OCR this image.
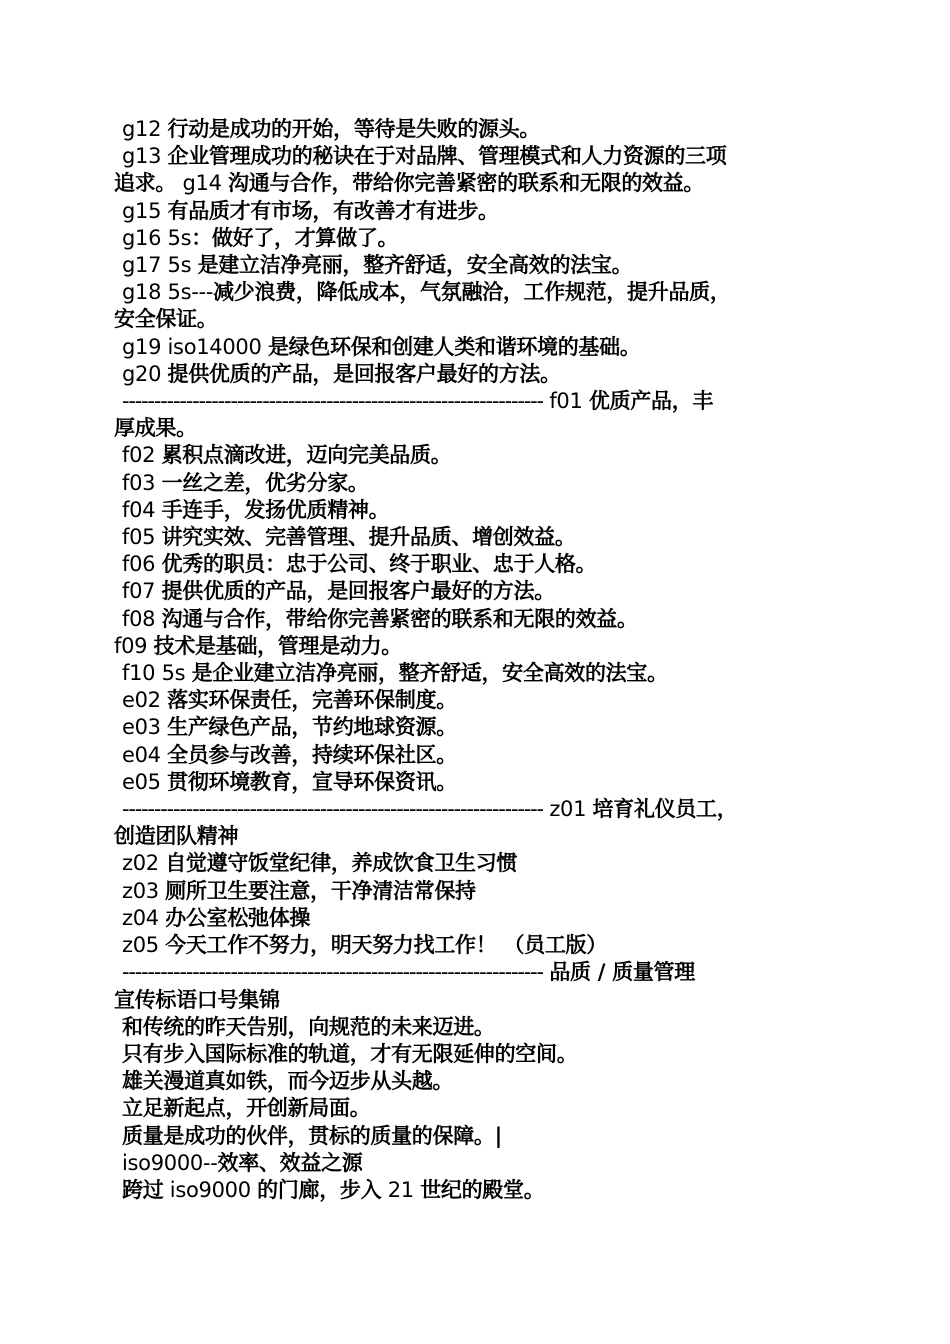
g12 行动是成功的开始，等待是失败的源头。
g13 企业管理成功的秘诀在于对品牌、管理模式和人力资源的三项
追求。 g14 沟通与合作，带给你完善紧密的联系和无限的效益。
g15 有品质才有市场，有改善才有进步。
g16 5s：做好了，才算做了。
g17 5s 是建立洁净亮丽，整齐舒适，安全高效的法宝。
g18 5s---减少浪费，降低成本，气氛融洽，工作规范，提升品质，
安全保证。
g19 iso14000 是绿色环保和创建人类和谐环境的基础。
g20 提供优质的产品，是回报客户最好的方法。
------------------------------------------------------------------ f01 优质产品，丰
厚成果。
f02 累积点滴改进，迈向完美品质。
f03 一丝之差，优劣分家。
f04 手连手，发扬优质精神。
f05 讲究实效、完善管理、提升品质、增创效益。
f06 优秀的职员：忠于公司、终于职业、忠于人格。
f07 提供优质的产品，是回报客户最好的方法。
f08 沟通与合作，带给你完善紧密的联系和无限的效益。
f09 技术是基础，管理是动力。
f10 5s 是企业建立洁净亮丽，整齐舒适，安全高效的法宝。
e02 落实环保责任，完善环保制度。
e03 生产绿色产品，节约地球资源。
e04 全员参与改善，持续环保社区。
e05 贯彻环境教育，宣导环保资讯。
------------------------------------------------------------------ z01 培育礼仪员工，
创造团队精神
z02 自觉遵守饭堂纪律，养成饮食卫生习惯
z03 厕所卫生要注意，干净清洁常保持
z04 办公室松弛体操
z05 今天工作不努力，明天努力找工作！ （员工版）
------------------------------------------------------------------ 品质 / 质量管理
宣传标语口号集锦
和传统的昨天告别，向规范的未来迈进。
只有步入国际标准的轨道，才有无限延伸的空间。
雄关漫道真如铁，而今迈步从头越。
立足新起点，开创新局面。
质量是成功的伙伴，贯标的质量的保障。|
iso9000--效率、效益之源
跨过 iso9000 的门廊，步入 21 世纪的殿堂。
